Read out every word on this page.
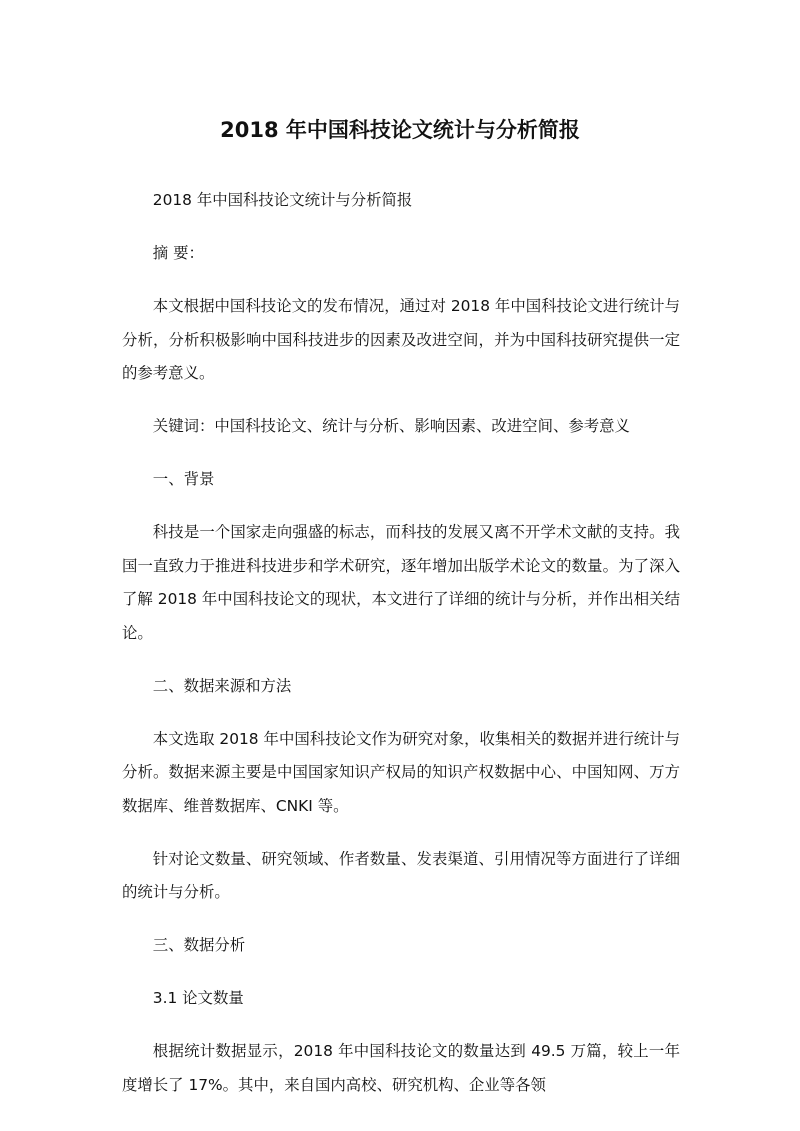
2018 年中国科技论文统计与分析简报

2018 年中国科技论文统计与分析简报

摘 要：

本文根据中国科技论文的发布情况，通过对 2018 年中国科技论文进行统计与分析，分析积极影响中国科技进步的因素及改进空间，并为中国科技研究提供一定的参考意义。

关键词：中国科技论文、统计与分析、影响因素、改进空间、参考意义

一、背景

科技是一个国家走向强盛的标志，而科技的发展又离不开学术文献的支持。我国一直致力于推进科技进步和学术研究，逐年增加出版学术论文的数量。为了深入了解 2018 年中国科技论文的现状，本文进行了详细的统计与分析，并作出相关结论。

二、数据来源和方法

本文选取 2018 年中国科技论文作为研究对象，收集相关的数据并进行统计与分析。数据来源主要是中国国家知识产权局的知识产权数据中心、中国知网、万方数据库、维普数据库、CNKI 等。

针对论文数量、研究领域、作者数量、发表渠道、引用情况等方面进行了详细的统计与分析。

三、数据分析

3.1 论文数量

根据统计数据显示，2018 年中国科技论文的数量达到 49.5 万篇，较上一年度增长了 17%。其中，来自国内高校、研究机构、企业等各领
